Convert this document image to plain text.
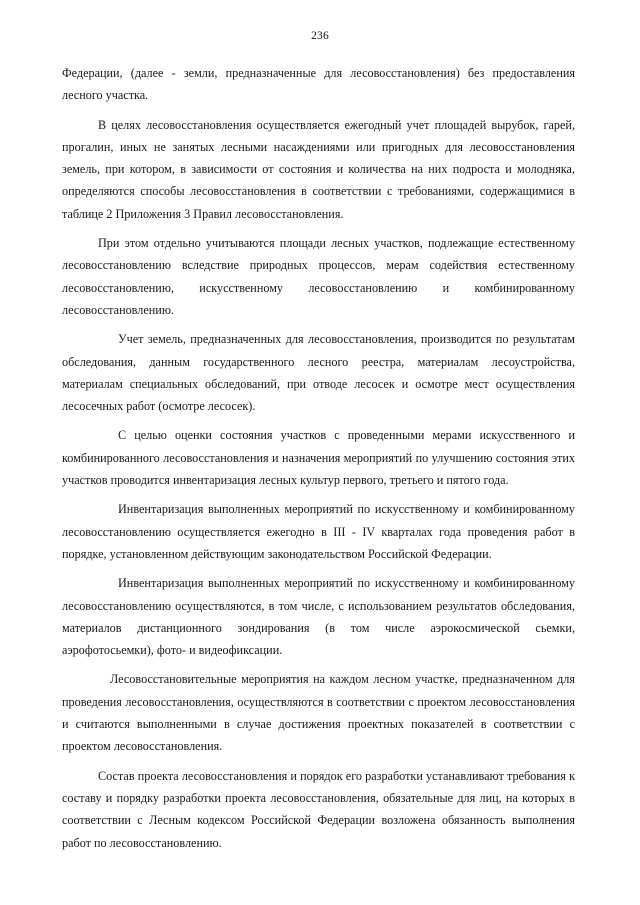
236

Федерации, (далее - земли, предназначенные для лесовосстановления) без предоставления лесного участка.

В целях лесовосстановления осуществляется ежегодный учет площадей вырубок, гарей, прогалин, иных не занятых лесными насаждениями или пригодных для лесовосстановления земель, при котором, в зависимости от состояния и количества на них подроста и молодняка, определяются способы лесовосстановления в соответствии с требованиями, содержащимися в таблице 2 Приложения 3 Правил лесовосстановления.

При этом отдельно учитываются площади лесных участков, подлежащие естественному лесовосстановлению вследствие природных процессов, мерам содействия естественному лесовосстановлению, искусственному лесовосстановлению и комбинированному лесовосстановлению.

Учет земель, предназначенных для лесовосстановления, производится по результатам обследования, данным государственного лесного реестра, материалам лесоустройства, материалам специальных обследований, при отводе лесосек и осмотре мест осуществления лесосечных работ (осмотре лесосек).

С целью оценки состояния участков с проведенными мерами искусственного и комбинированного лесовосстановления и назначения мероприятий по улучшению состояния этих участков проводится инвентаризация лесных культур первого, третьего и пятого года.

Инвентаризация выполненных мероприятий по искусственному и комбинированному лесовосстановлению осуществляется ежегодно в III - IV кварталах года проведения работ в порядке, установленном действующим законодательством Российской Федерации.

Инвентаризация выполненных мероприятий по искусственному и комбинированному лесовосстановлению осуществляются, в том числе, с использованием результатов обследования, материалов дистанционного зондирования (в том числе аэрокосмической сьемки, аэрофотосьемки), фото- и видеофиксации.

Лесовосстановительные мероприятия на каждом лесном участке, предназначенном для проведения лесовосстановления, осуществляются в соответствии с проектом лесовосстановления и считаются выполненными в случае достижения проектных показателей в соответствии с проектом лесовосстановления.

Состав проекта лесовосстановления и порядок его разработки устанавливают требования к составу и порядку разработки проекта лесовосстановления, обязательные для лиц, на которых в соответствии с Лесным кодексом Российской Федерации возложена обязанность выполнения работ по лесовосстановлению.
